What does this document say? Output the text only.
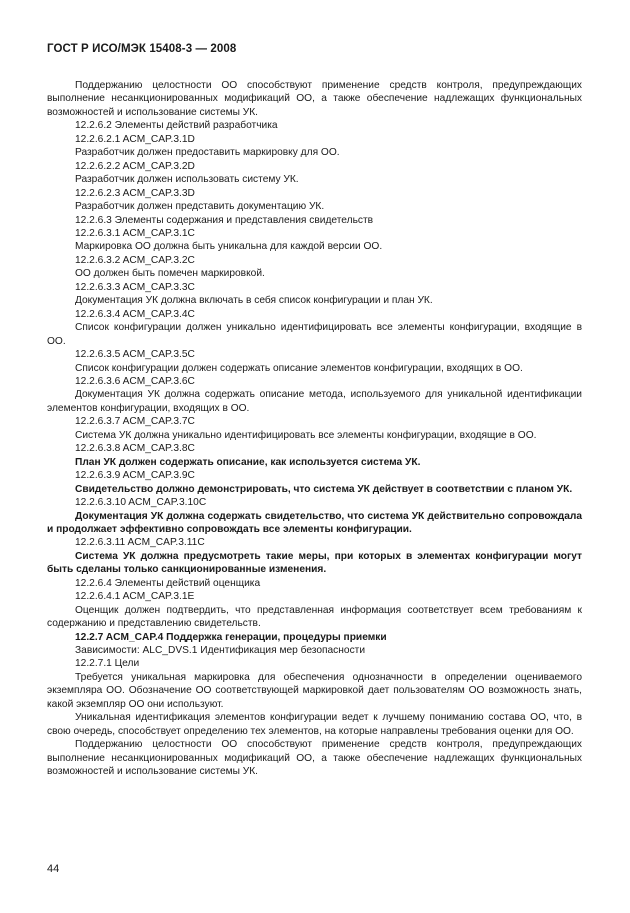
ГОСТ Р ИСО/МЭК 15408-3 — 2008

Поддержанию целостности ОО способствуют применение средств контроля, предупреждающих выполнение несанкционированных модификаций ОО, а также обеспечение надлежащих функциональных возможностей и использование системы УК.

12.2.6.2 Элементы действий разработчика

12.2.6.2.1 ACM_CAP.3.1D

Разработчик должен предоставить маркировку для ОО.

12.2.6.2.2 ACM_CAP.3.2D

Разработчик должен использовать систему УК.

12.2.6.2.3 ACM_CAP.3.3D

Разработчик должен представить документацию УК.

12.2.6.3 Элементы содержания и представления свидетельств

12.2.6.3.1 ACM_CAP.3.1C

Маркировка ОО должна быть уникальна для каждой версии ОО.

12.2.6.3.2 ACM_CAP.3.2C

ОО должен быть помечен маркировкой.

12.2.6.3.3 ACM_CAP.3.3C

Документация УК должна включать в себя список конфигурации и план УК.

12.2.6.3.4 ACM_CAP.3.4C

Список конфигурации должен уникально идентифицировать все элементы конфигурации, входящие в ОО.

12.2.6.3.5 ACM_CAP.3.5C

Список конфигурации должен содержать описание элементов конфигурации, входящих в ОО.

12.2.6.3.6 ACM_CAP.3.6C

Документация УК должна содержать описание метода, используемого для уникальной идентификации элементов конфигурации, входящих в ОО.

12.2.6.3.7 ACM_CAP.3.7C

Система УК должна уникально идентифицировать все элементы конфигурации, входящие в ОО.

12.2.6.3.8 ACM_CAP.3.8C

План УК должен содержать описание, как используется система УК.

12.2.6.3.9 ACM_CAP.3.9C

Свидетельство должно демонстрировать, что система УК действует в соответствии с планом УК.

12.2.6.3.10 ACM_CAP.3.10C

Документация УК должна содержать свидетельство, что система УК действительно сопровождала и продолжает эффективно сопровождать все элементы конфигурации.

12.2.6.3.11 ACM_CAP.3.11C

Система УК должна предусмотреть такие меры, при которых в элементах конфигурации могут быть сделаны только санкционированные изменения.

12.2.6.4 Элементы действий оценщика

12.2.6.4.1 ACM_CAP.3.1E

Оценщик должен подтвердить, что представленная информация соответствует всем требованиям к содержанию и представлению свидетельств.

12.2.7 ACM_CAP.4 Поддержка генерации, процедуры приемки

Зависимости: ALC_DVS.1 Идентификация мер безопасности

12.2.7.1 Цели

Требуется уникальная маркировка для обеспечения однозначности в определении оцениваемого экземпляра ОО. Обозначение ОО соответствующей маркировкой дает пользователям ОО возможность знать, какой экземпляр ОО они используют.

Уникальная идентификация элементов конфигурации ведет к лучшему пониманию состава ОО, что, в свою очередь, способствует определению тех элементов, на которые направлены требования оценки для ОО.

Поддержанию целостности ОО способствуют применение средств контроля, предупреждающих выполнение несанкционированных модификаций ОО, а также обеспечение надлежащих функциональных возможностей и использование системы УК.

44
